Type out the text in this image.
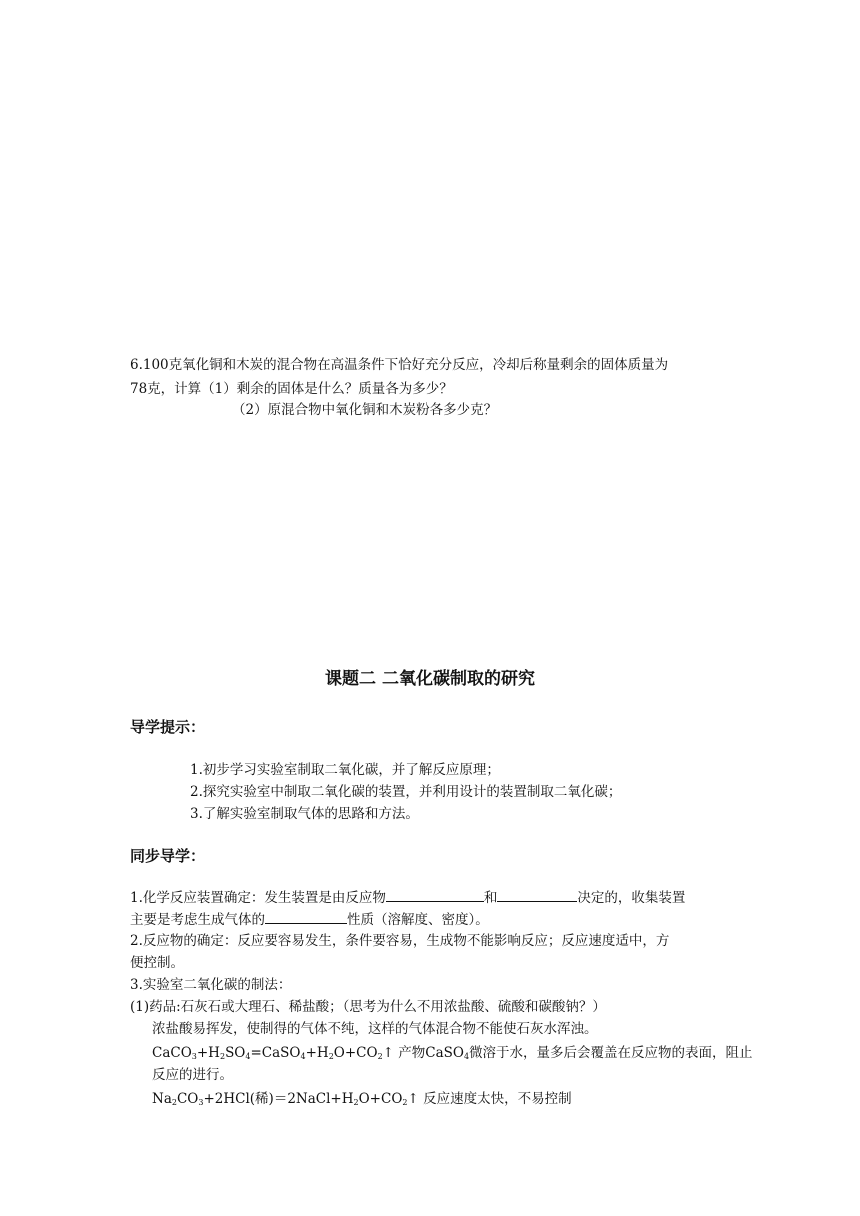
6.100克氧化铜和木炭的混合物在高温条件下恰好充分反应，冷却后称量剩余的固体质量为
78克，计算（1）剩余的固体是什么？质量各为多少？
（2）原混合物中氧化铜和木炭粉各多少克？
课题二 二氧化碳制取的研究
导学提示：
1.初步学习实验室制取二氧化碳，并了解反应原理；
2.探究实验室中制取二氧化碳的装置，并利用设计的装置制取二氧化碳；
3.了解实验室制取气体的思路和方法。
同步导学：
1.化学反应装置确定：发生装置是由反应物	和	决定的，收集装置
主要是考虑生成气体的	性质（溶解度、密度）。
2.反应物的确定：反应要容易发生，条件要容易，生成物不能影响反应；反应速度适中，方
便控制。
3.实验室二氧化碳的制法：
(1)药品:石灰石或大理石、稀盐酸；（思考为什么不用浓盐酸、硫酸和碳酸钠？）
浓盐酸易挥发，使制得的气体不纯，这样的气体混合物不能使石灰水浑浊。
$CaCO_3+H_2SO_4=CaSO_4+H_2O+CO_2↑$ 产物CaSO$_4$微溶于水，量多后会覆盖在反应物的表面，阻止
反应的进行。
$Na_2CO_3+2HCl$(稀)$=2NaCl+H_2O+CO_2↑$ 反应速度太快，不易控制
